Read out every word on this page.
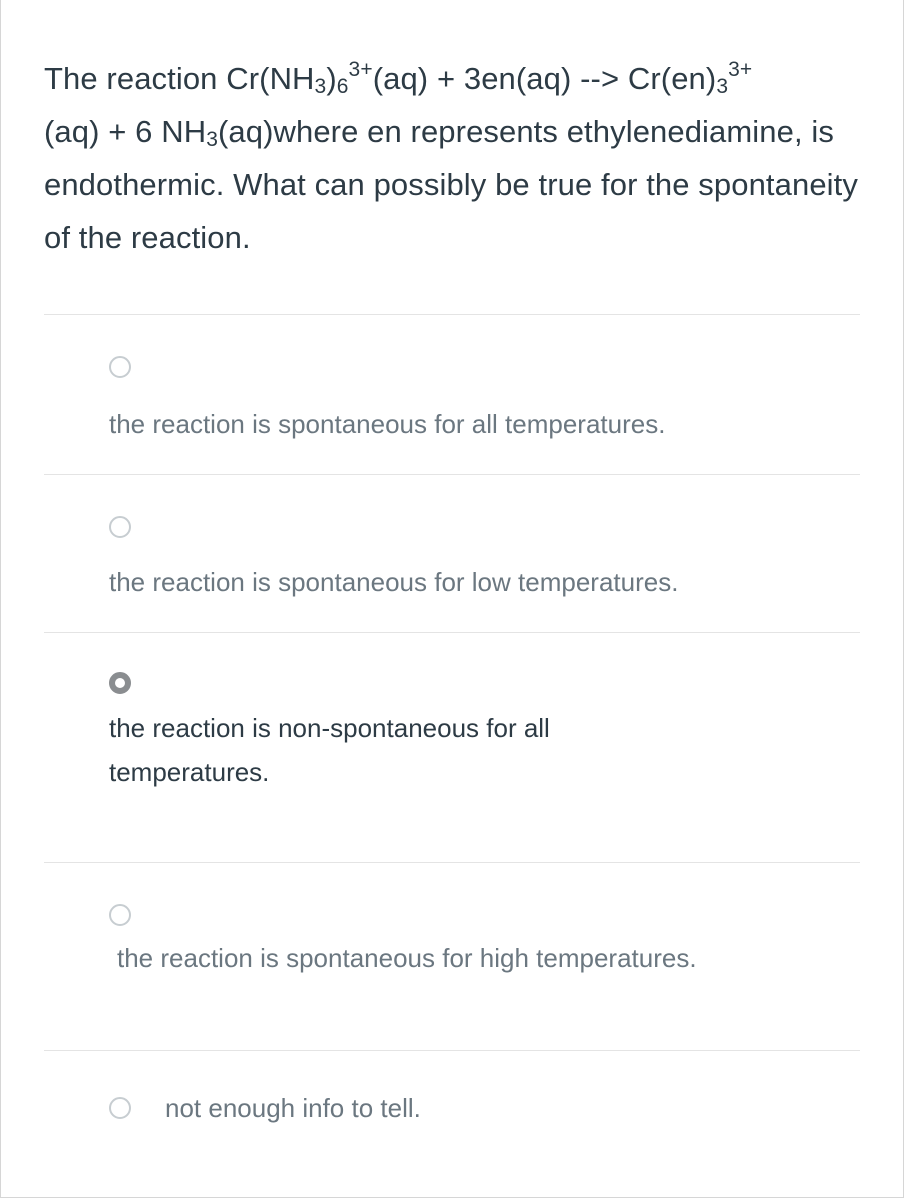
The reaction $Cr(NH_3)_6^{3+}(aq) + 3en(aq)$ --> $Cr(en)_3^{3+}$
(aq) + 6 $NH_3(aq)where$ en represents ethylenediamine, is endothermic. What can possibly be true for the spontaneity of the reaction.
the reaction is spontaneous for all temperatures.
the reaction is spontaneous for low temperatures.
the reaction is non-spontaneous for all temperatures.
the reaction is spontaneous for high temperatures.
not enough info to tell.
